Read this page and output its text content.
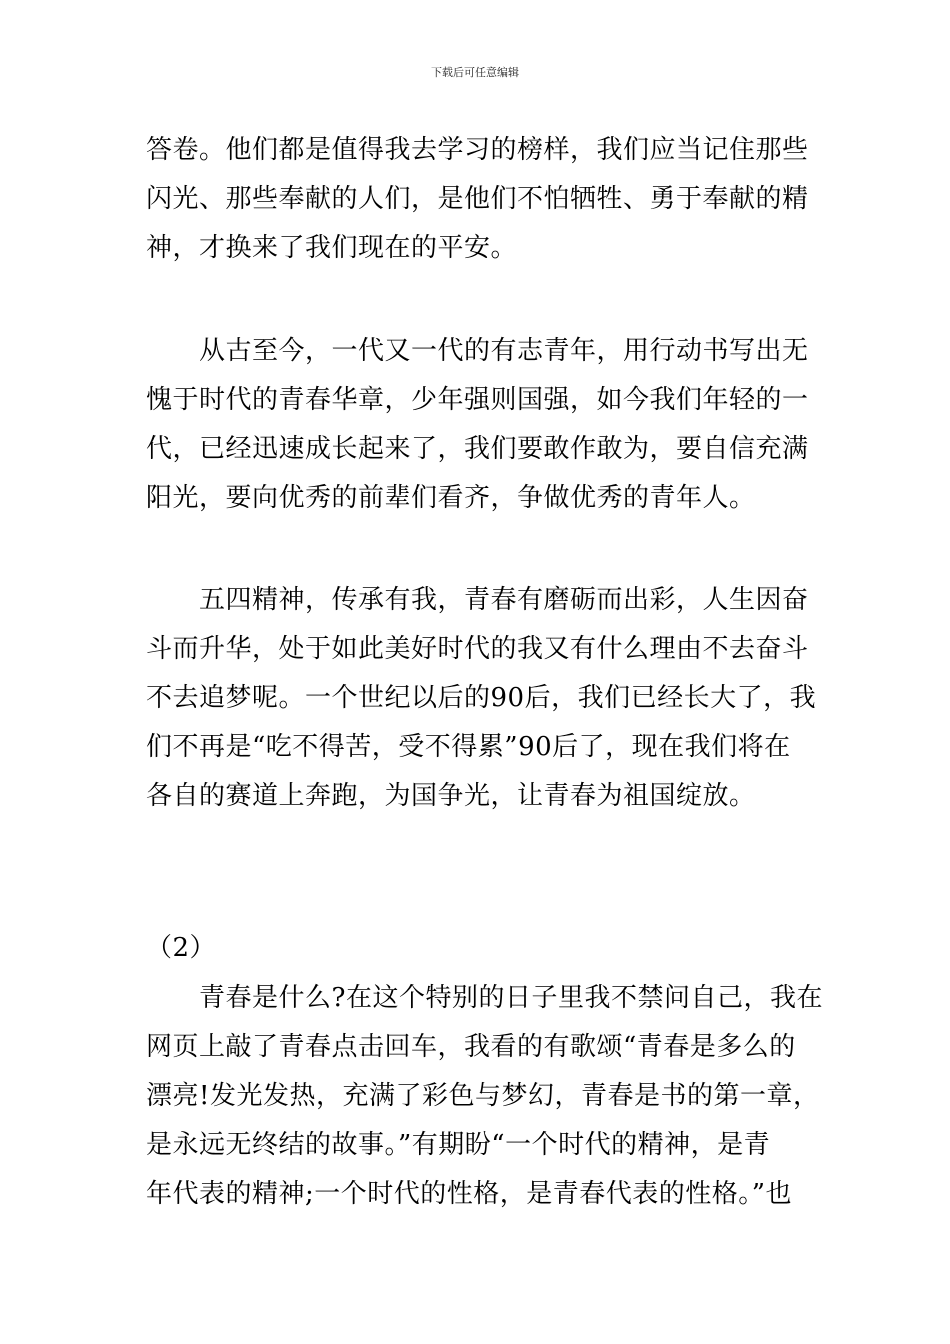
下载后可任意编辑
答卷。他们都是值得我去学习的榜样，我们应当记住那些
闪光、那些奉献的人们，是他们不怕牺牲、勇于奉献的精
神，才换来了我们现在的平安。
　　从古至今，一代又一代的有志青年，用行动书写出无
愧于时代的青春华章，少年强则国强，如今我们年轻的一
代，已经迅速成长起来了，我们要敢作敢为，要自信充满
阳光，要向优秀的前辈们看齐，争做优秀的青年人。
　　五四精神，传承有我，青春有磨砺而出彩，人生因奋
斗而升华，处于如此美好时代的我又有什么理由不去奋斗
不去追梦呢。一个世纪以后的90后，我们已经长大了，我
们不再是“吃不得苦，受不得累”90后了，现在我们将在
各自的赛道上奔跑，为国争光，让青春为祖国绽放。
（2）
　　青春是什么?在这个特别的日子里我不禁问自己，我在
网页上敲了青春点击回车，我看的有歌颂“青春是多么的
漂亮!发光发热，充满了彩色与梦幻，青春是书的第一章，
是永远无终结的故事。”有期盼“一个时代的精神，是青
年代表的精神;一个时代的性格，是青春代表的性格。”也
